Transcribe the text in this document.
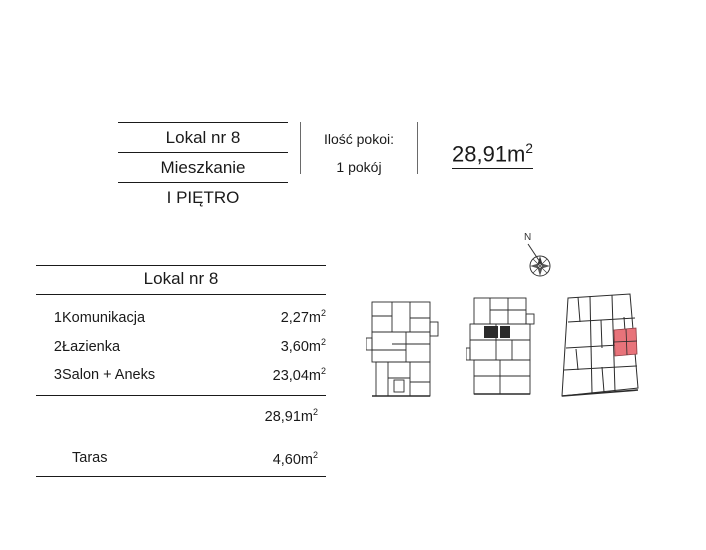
Lokal nr 8
Mieszkanie
I PIĘTRO
Ilość pokoi:
1 pokój
$28,91m^2$
Lokal nr 8
1	Komunikacja	$2,27m^2$
2	Łazienka	$3,60m^2$
3	Salon + Aneks	$23,04m^2$
		$28,91m^2$
Taras	$4,60m^2$
N
